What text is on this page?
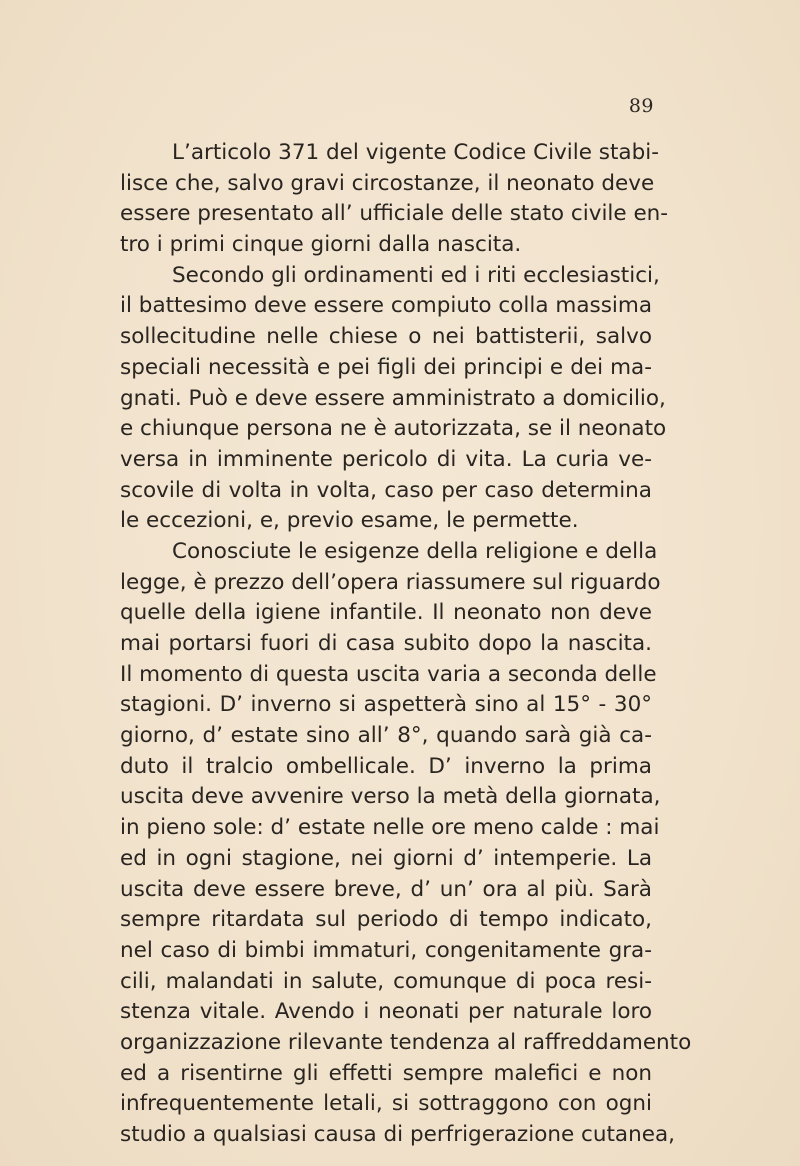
89
L’articolo 371 del vigente Codice Civile stabi-
lisce che, salvo gravi circostanze, il neonato deve
essere presentato all’ ufficiale delle stato civile en-
tro i primi cinque giorni dalla nascita.
Secondo gli ordinamenti ed i riti ecclesiastici,
il battesimo deve essere compiuto colla massima
sollecitudine nelle chiese o nei battisterii, salvo
speciali necessità e pei figli dei principi e dei ma-
gnati. Può e deve essere amministrato a domicilio,
e chiunque persona ne è autorizzata, se il neonato
versa in imminente pericolo di vita. La curia ve-
scovile di volta in volta, caso per caso determina
le eccezioni, e, previo esame, le permette.
Conosciute le esigenze della religione e della
legge, è prezzo dell’opera riassumere sul riguardo
quelle della igiene infantile. Il neonato non deve
mai portarsi fuori di casa subito dopo la nascita.
Il momento di questa uscita varia a seconda delle
stagioni. D’ inverno si aspetterà sino al 15° - 30°
giorno, d’ estate sino all’ 8°, quando sarà già ca-
duto il tralcio ombellicale. D’ inverno la prima
uscita deve avvenire verso la metà della giornata,
in pieno sole: d’ estate nelle ore meno calde : mai
ed in ogni stagione, nei giorni d’ intemperie. La
uscita deve essere breve, d’ un’ ora al più. Sarà
sempre ritardata sul periodo di tempo indicato,
nel caso di bimbi immaturi, congenitamente gra-
cili, malandati in salute, comunque di poca resi-
stenza vitale. Avendo i neonati per naturale loro
organizzazione rilevante tendenza al raffreddamento
ed a risentirne gli effetti sempre malefici e non
infrequentemente letali, si sottraggono con ogni
studio a qualsiasi causa di perfrigerazione cutanea,
